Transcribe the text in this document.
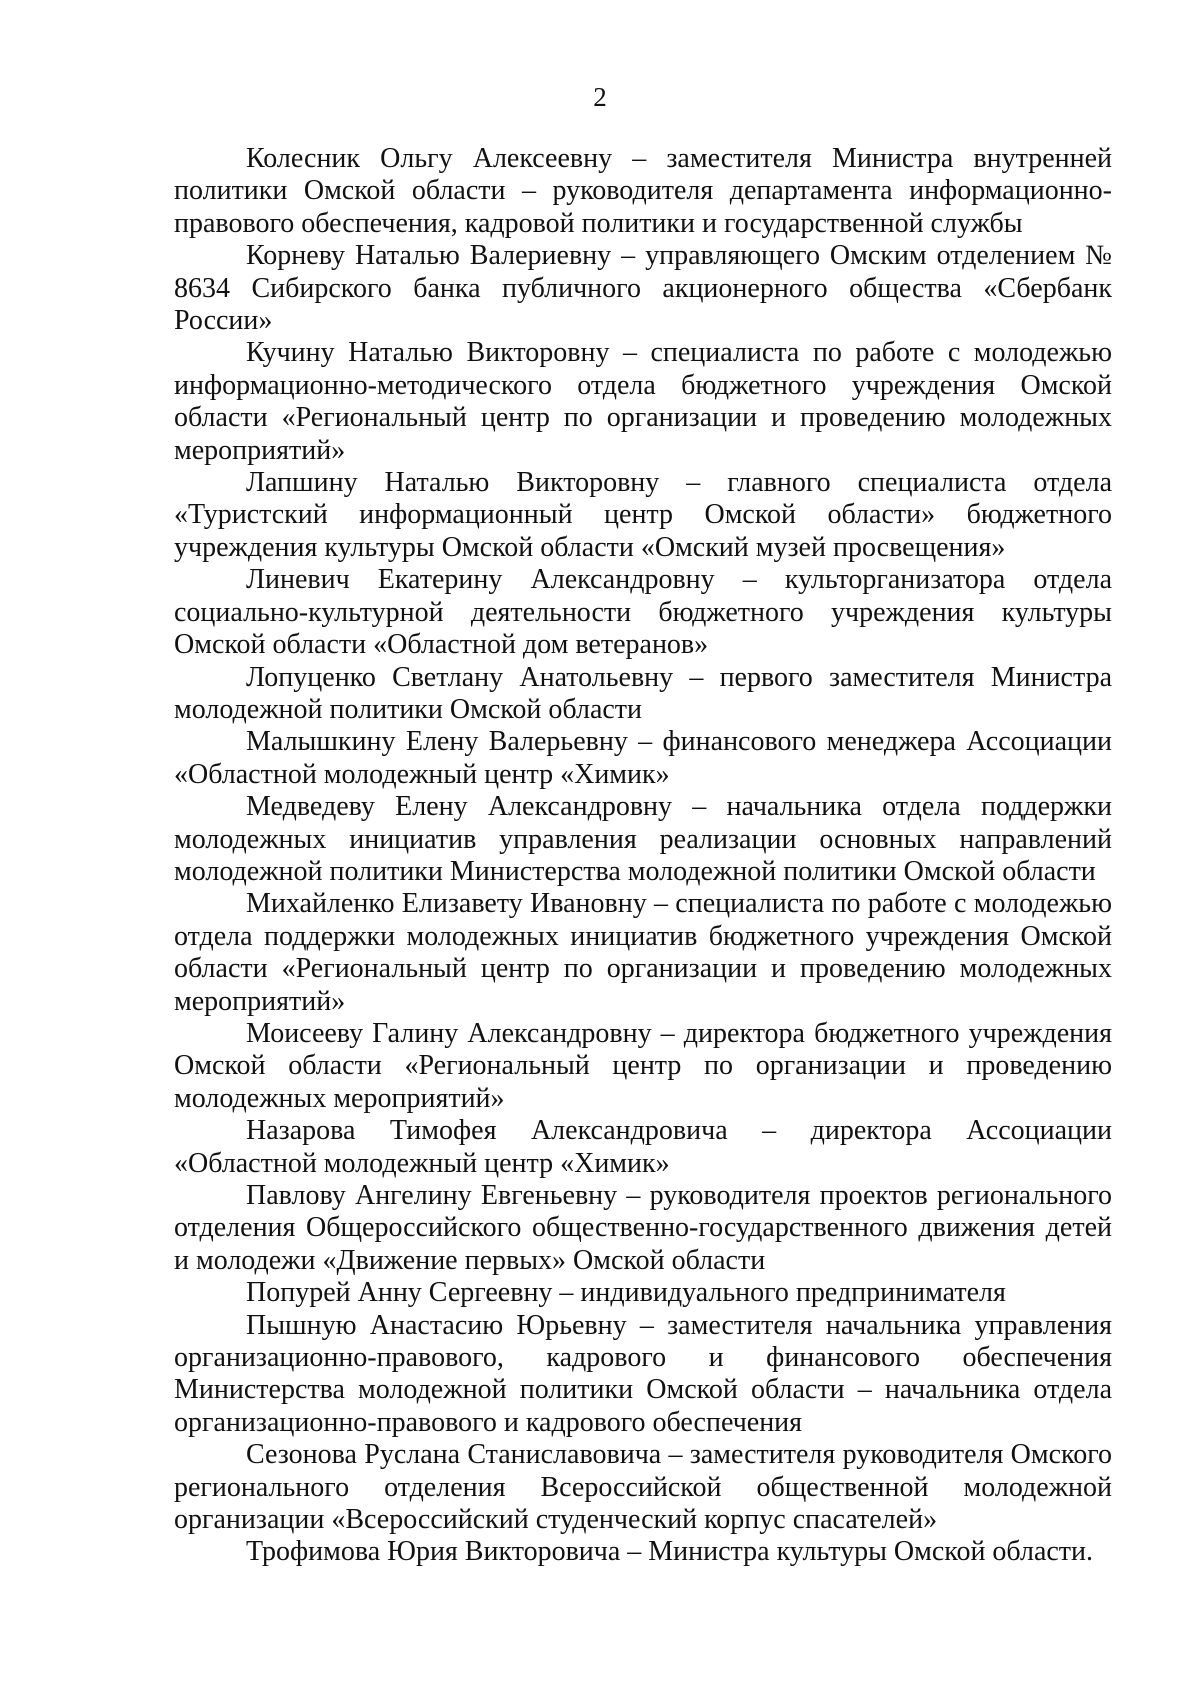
2

Колесник Ольгу Алексеевну – заместителя Министра внутренней политики Омской области – руководителя департамента информационно-правового обеспечения, кадровой политики и государственной службы

Корневу Наталью Валериевну – управляющего Омским отделением № 8634 Сибирского банка публичного акционерного общества «Сбербанк России»

Кучину Наталью Викторовну – специалиста по работе с молодежью информационно-методического отдела бюджетного учреждения Омской области «Региональный центр по организации и проведению молодежных мероприятий»

Лапшину Наталью Викторовну – главного специалиста отдела «Туристский информационный центр Омской области» бюджетного учреждения культуры Омской области «Омский музей просвещения»

Линевич Екатерину Александровну – культорганизатора отдела социально-культурной деятельности бюджетного учреждения культуры Омской области «Областной дом ветеранов»

Лопуценко Светлану Анатольевну – первого заместителя Министра молодежной политики Омской области

Малышкину Елену Валерьевну – финансового менеджера Ассоциации «Областной молодежный центр «Химик»

Медведеву Елену Александровну – начальника отдела поддержки молодежных инициатив управления реализации основных направлений молодежной политики Министерства молодежной политики Омской области

Михайленко Елизавету Ивановну – специалиста по работе с молодежью отдела поддержки молодежных инициатив бюджетного учреждения Омской области «Региональный центр по организации и проведению молодежных мероприятий»

Моисееву Галину Александровну – директора бюджетного учреждения Омской области «Региональный центр по организации и проведению молодежных мероприятий»

Назарова Тимофея Александровича – директора Ассоциации «Областной молодежный центр «Химик»

Павлову Ангелину Евгеньевну – руководителя проектов регионального отделения Общероссийского общественно-государственного движения детей и молодежи «Движение первых» Омской области

Попурей Анну Сергеевну – индивидуального предпринимателя

Пышную Анастасию Юрьевну – заместителя начальника управления организационно-правового, кадрового и финансового обеспечения Министерства молодежной политики Омской области – начальника отдела организационно-правового и кадрового обеспечения

Сезонова Руслана Станиславовича – заместителя руководителя Омского регионального отделения Всероссийской общественной молодежной организации «Всероссийский студенческий корпус спасателей»

Трофимова Юрия Викторовича – Министра культуры Омской области.
